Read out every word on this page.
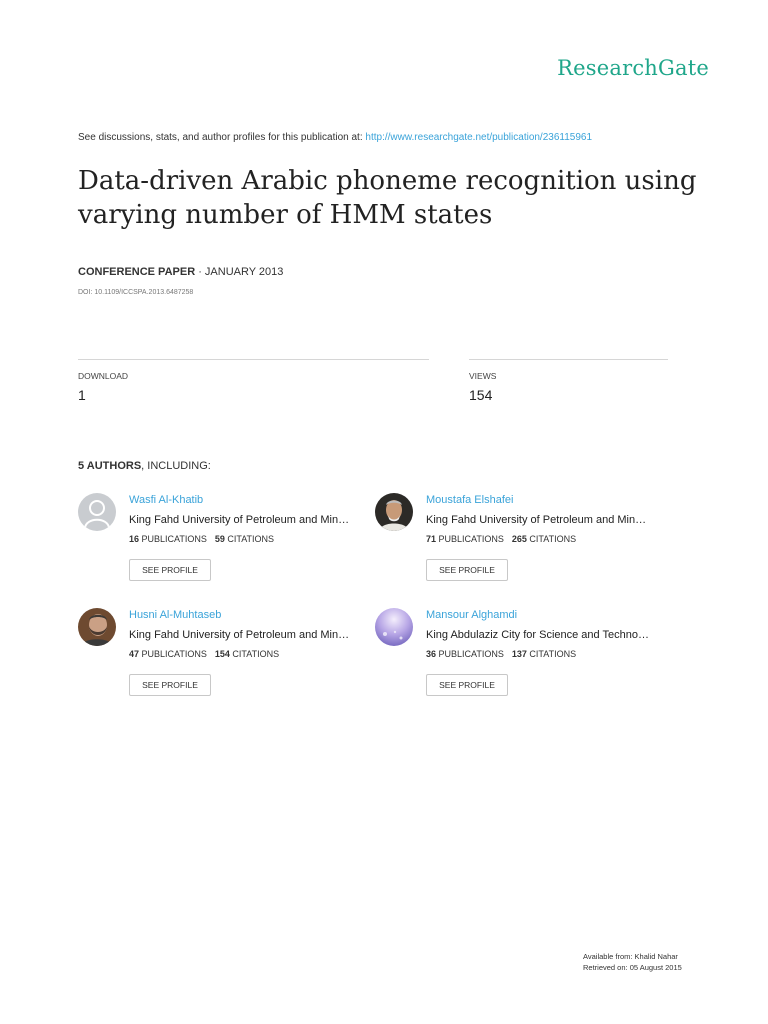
ResearchGate
See discussions, stats, and author profiles for this publication at: http://www.researchgate.net/publication/236115961
Data-driven Arabic phoneme recognition using varying number of HMM states
CONFERENCE PAPER · JANUARY 2013
DOI: 10.1109/ICCSPA.2013.6487258
DOWNLOAD
1
VIEWS
154
5 AUTHORS, INCLUDING:
Wasfi Al-Khatib
King Fahd University of Petroleum and Min…
16 PUBLICATIONS 59 CITATIONS
SEE PROFILE
Moustafa Elshafei
King Fahd University of Petroleum and Min…
71 PUBLICATIONS 265 CITATIONS
SEE PROFILE
Husni Al-Muhtaseb
King Fahd University of Petroleum and Min…
47 PUBLICATIONS 154 CITATIONS
SEE PROFILE
Mansour Alghamdi
King Abdulaziz City for Science and Techno…
36 PUBLICATIONS 137 CITATIONS
SEE PROFILE
Available from: Khalid Nahar
Retrieved on: 05 August 2015
